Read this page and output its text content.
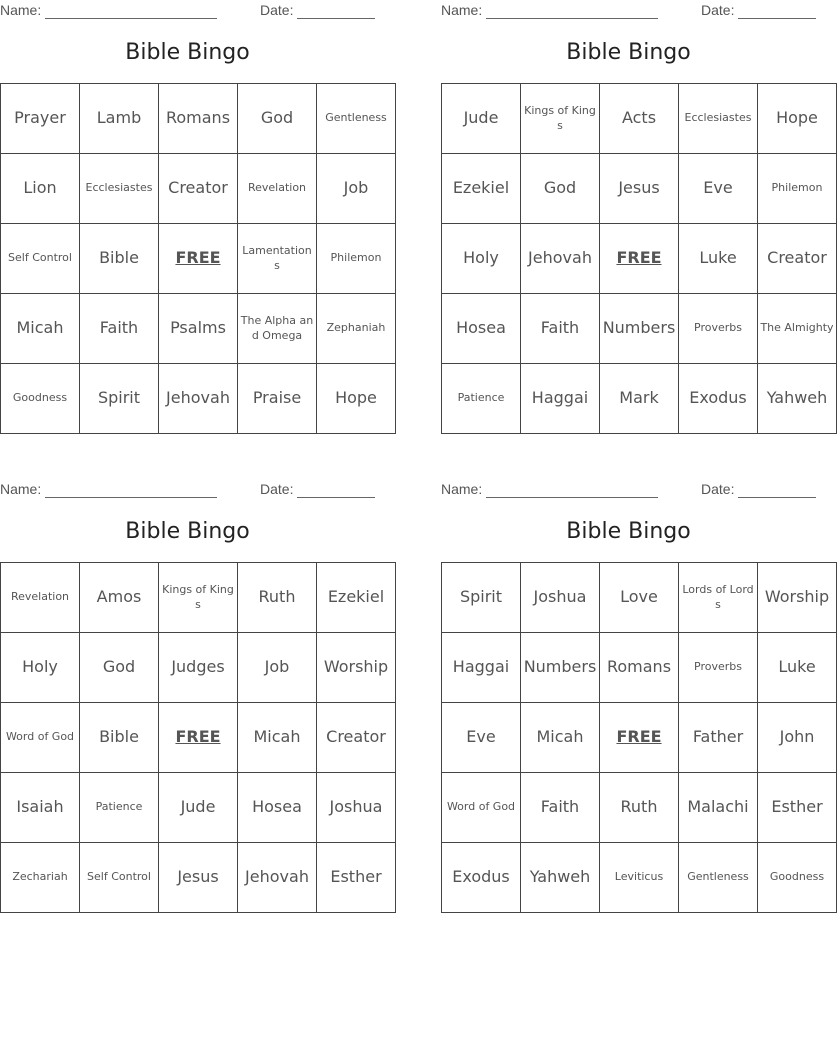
Name:	Date:
Bible Bingo
Prayer	Lamb	Romans	God	Gentleness
Lion	Ecclesiastes	Creator	Revelation	Job
Self Control	Bible	FREE	Lamentations	Philemon
Micah	Faith	Psalms	The Alpha and Omega	Zephaniah
Goodness	Spirit	Jehovah	Praise	Hope
Name:	Date:
Bible Bingo
Jude	Kings of Kings	Acts	Ecclesiastes	Hope
Ezekiel	God	Jesus	Eve	Philemon
Holy	Jehovah	FREE	Luke	Creator
Hosea	Faith	Numbers	Proverbs	The Almighty
Patience	Haggai	Mark	Exodus	Yahweh
Name:	Date:
Bible Bingo
Revelation	Amos	Kings of Kings	Ruth	Ezekiel
Holy	God	Judges	Job	Worship
Word of God	Bible	FREE	Micah	Creator
Isaiah	Patience	Jude	Hosea	Joshua
Zechariah	Self Control	Jesus	Jehovah	Esther
Name:	Date:
Bible Bingo
Spirit	Joshua	Love	Lords of Lords	Worship
Haggai	Numbers	Romans	Proverbs	Luke
Eve	Micah	FREE	Father	John
Word of God	Faith	Ruth	Malachi	Esther
Exodus	Yahweh	Leviticus	Gentleness	Goodness
